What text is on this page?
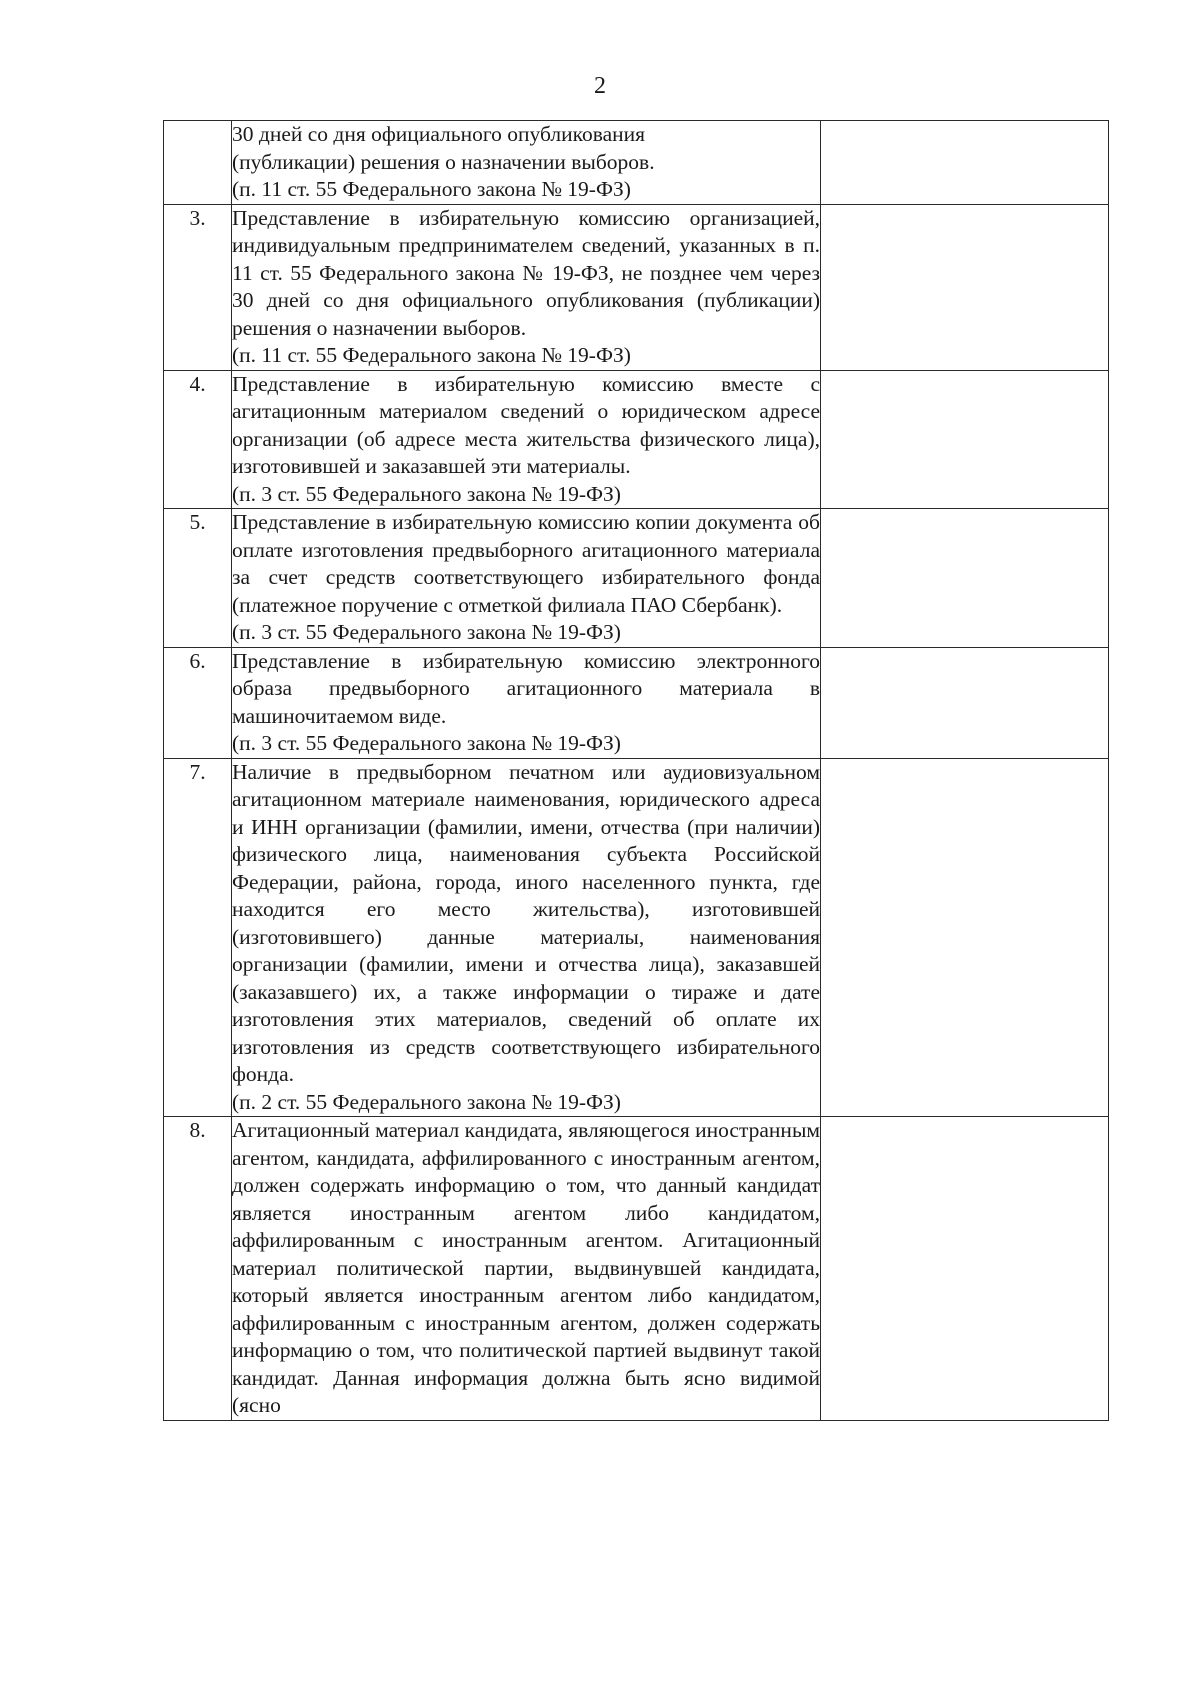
2

	30 дней со дня официального опубликования
(публикации) решения о назначении выборов.

(п. 11 ст. 55 Федерального закона № 19-ФЗ)	

3.	Представление в избирательную комиссию организацией, индивидуальным предпринимателем сведений, указанных в п. 11 ст. 55 Федерального закона № 19-ФЗ, не позднее чем через 30 дней со дня официального опубликования (публикации) решения о назначении выборов.

(п. 11 ст. 55 Федерального закона № 19-ФЗ)	

4.	Представление в избирательную комиссию вместе с агитационным материалом сведений о юридическом адресе организации (об адресе места жительства физического лица), изготовившей и заказавшей эти материалы.

(п. 3 ст. 55 Федерального закона № 19-ФЗ)	

5.	Представление в избирательную комиссию копии документа об оплате изготовления предвыборного агитационного материала за счет средств соответствующего избирательного фонда (платежное поручение с отметкой филиала ПАО Сбербанк).

(п. 3 ст. 55 Федерального закона № 19-ФЗ)	

6.	Представление в избирательную комиссию электронного образа предвыборного агитационного материала в машиночитаемом виде.

(п. 3 ст. 55 Федерального закона № 19-ФЗ)	

7.	Наличие в предвыборном печатном или аудиовизуальном агитационном материале наименования, юридического адреса и ИНН организации (фамилии, имени, отчества (при наличии) физического лица, наименования субъекта Российской Федерации, района, города, иного населенного пункта, где находится его место жительства), изготовившей (изготовившего) данные материалы, наименования организации (фамилии, имени и отчества лица), заказавшей (заказавшего) их, а также информации о тираже и дате изготовления этих материалов, сведений об оплате их изготовления из средств соответствующего избирательного фонда.

(п. 2 ст. 55 Федерального закона № 19-ФЗ)	

8.	Агитационный материал кандидата, являющегося иностранным агентом, кандидата, аффилированного с иностранным агентом, должен содержать информацию о том, что данный кандидат является иностранным агентом либо кандидатом, аффилированным с иностранным агентом. Агитационный материал политической партии, выдвинувшей кандидата, который является иностранным агентом либо кандидатом, аффилированным с иностранным агентом, должен содержать информацию о том, что политической партией выдвинут такой кандидат. Данная информация должна быть ясно видимой (ясно	
